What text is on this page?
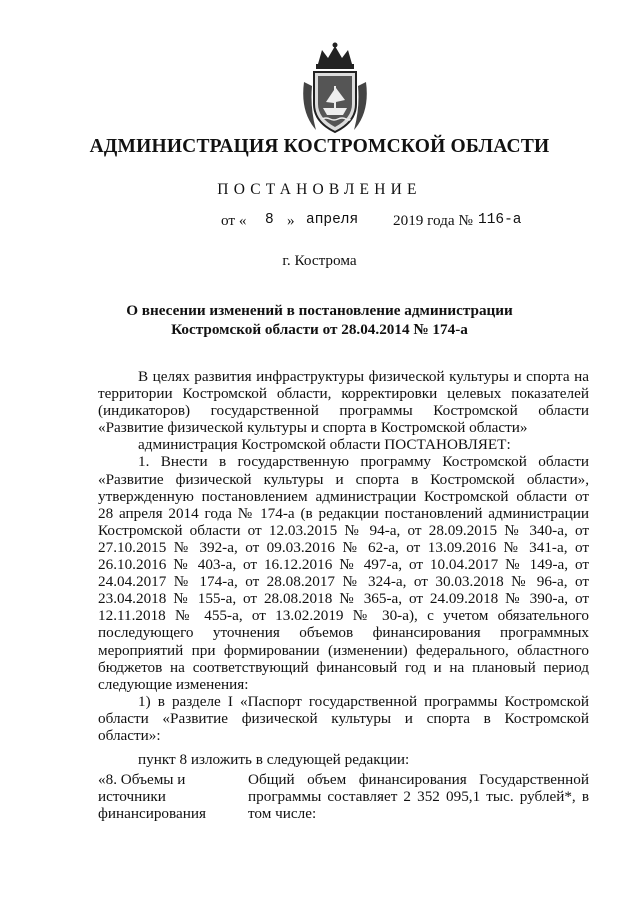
АДМИНИСТРАЦИЯ КОСТРОМСКОЙ ОБЛАСТИ
ПОСТАНОВЛЕНИЕ
от « 8 » апреля 2019 года № 116-а
г. Кострома
О внесении изменений в постановление администрации
Костромской области от 28.04.2014 № 174-а

В целях развития инфраструктуры физической культуры и спорта на

территории Костромской области, корректировки целевых показателей

(индикаторов) государственной программы Костромской области

«Развитие физической культуры и спорта в Костромской области»

администрация Костромской области ПОСТАНОВЛЯЕТ:

1. Внести в государственную программу Костромской области

«Развитие физической культуры и спорта в Костромской области»,

утвержденную постановлением администрации Костромской области от

28 апреля 2014 года № 174-а (в редакции постановлений администрации

Костромской области от 12.03.2015 № 94-а, от 28.09.2015 № 340-а, от

27.10.2015 № 392-а, от 09.03.2016 № 62-а, от 13.09.2016 № 341-а, от

26.10.2016 № 403-а, от 16.12.2016 № 497-а, от 10.04.2017 № 149-а, от

24.04.2017 № 174-а, от 28.08.2017 № 324-а, от 30.03.2018 № 96-а, от

23.04.2018 № 155-а, от 28.08.2018 № 365-а, от 24.09.2018 № 390-а, от

12.11.2018 № 455-а, от 13.02.2019 № 30-а), с учетом обязательного

последующего уточнения объемов финансирования программных

мероприятий при формировании (изменении) федерального, областного

бюджетов на соответствующий финансовый год и на плановый период

следующие изменения:

1) в разделе I «Паспорт государственной программы Костромской

области «Развитие физической культуры и спорта в Костромской

области»:

пункт 8 изложить в следующей редакции:

«8. Объемы и
источники
финансирования

Общий объем финансирования Государственной

программы составляет 2 352 095,1 тыс. рублей*, в

том числе:
